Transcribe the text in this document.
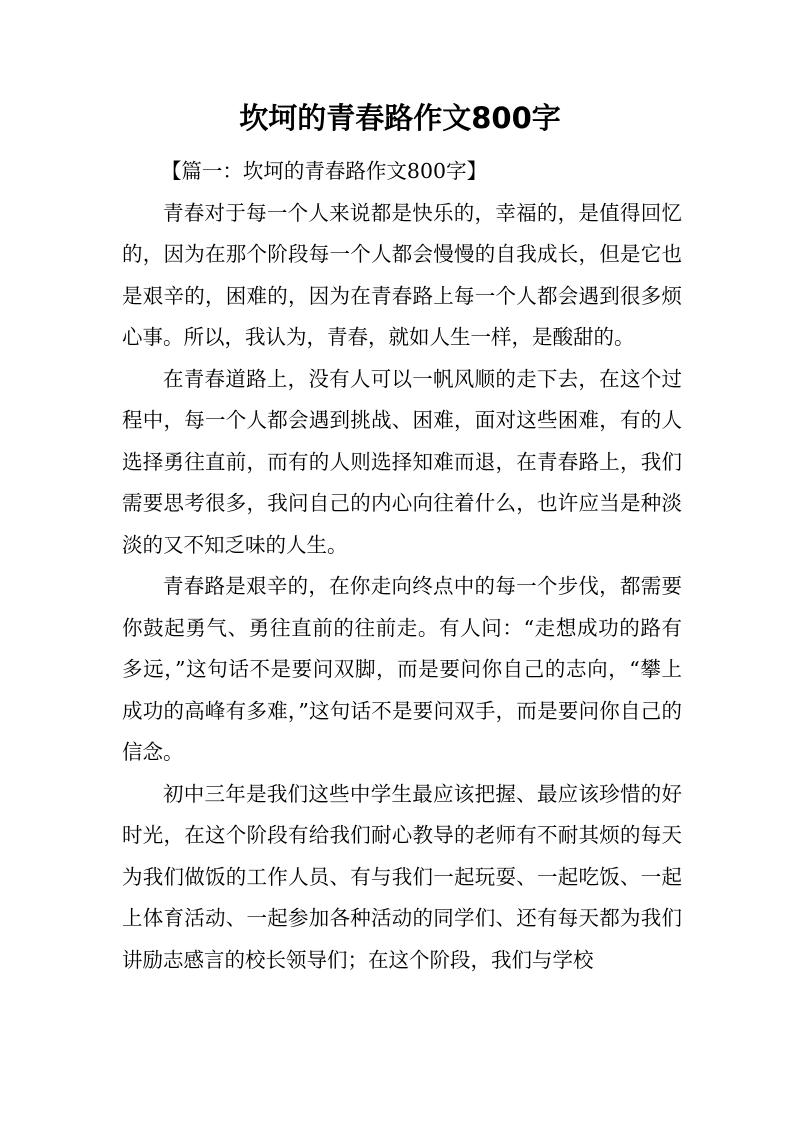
坎坷的青春路作文800字

【篇一：坎坷的青春路作文800字】

青春对于每一个人来说都是快乐的，幸福的，是值得回忆的，因为在那个阶段每一个人都会慢慢的自我成长，但是它也是艰辛的，困难的，因为在青春路上每一个人都会遇到很多烦心事。所以，我认为，青春，就如人生一样，是酸甜的。

在青春道路上，没有人可以一帆风顺的走下去，在这个过程中，每一个人都会遇到挑战、困难，面对这些困难，有的人选择勇往直前，而有的人则选择知难而退，在青春路上，我们需要思考很多，我问自己的内心向往着什么，也许应当是种淡淡的又不知乏味的人生。

青春路是艰辛的，在你走向终点中的每一个步伐，都需要你鼓起勇气、勇往直前的往前走。有人问：“走想成功的路有多远，”这句话不是要问双脚，而是要问你自己的志向，“攀上成功的高峰有多难，”这句话不是要问双手，而是要问你自己的信念。

初中三年是我们这些中学生最应该把握、最应该珍惜的好时光，在这个阶段有给我们耐心教导的老师有不耐其烦的每天为我们做饭的工作人员、有与我们一起玩耍、一起吃饭、一起上体育活动、一起参加各种活动的同学们、还有每天都为我们讲励志感言的校长领导们；在这个阶段，我们与学校
